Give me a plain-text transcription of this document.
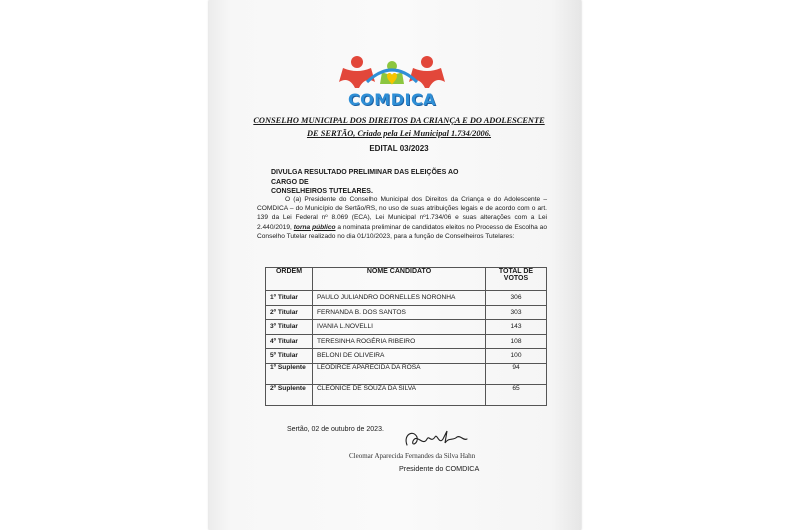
COMDICA
CONSELHO MUNICIPAL DOS DIREITOS DA CRIANÇA E DO ADOLESCENTE
DE SERTÃO, Criado pela Lei Municipal 1.734/2006.
EDITAL 03/2023
DIVULGA RESULTADO PRELIMINAR DAS ELEIÇÕES AO CARGO DE
CONSELHEIROS TUTELARES.

O (a) Presidente do Conselho Municipal dos Direitos da Criança e do Adolescente – COMDICA – do Município de Sertão/RS, no uso de suas atribuições legais e de acordo com o art. 139 da Lei Federal nº 8.069 (ECA), Lei Municipal nº1.734/06 e suas alterações com a Lei 2.440/2019, torna público a nominata preliminar de candidatos eleitos no Processo de Escolha ao Conselho Tutelar realizado no dia 01/10/2023, para a função de Conselheiros Tutelares:

ORDEM	NOME CANDIDATO	TOTAL DE VOTOS
1º Titular	PAULO JULIANDRO DORNELLES NORONHA	306
2º Titular	FERNANDA B. DOS SANTOS	303
3º Titular	IVANIA L.NOVELLI	143
4º Titular	TERESINHA ROGÉRIA RIBEIRO	108
5º Titular	BELONI DE OLIVEIRA	100
1º Suplente	LEODIRCE APARECIDA DA ROSA	94
2º Suplente	CLEONICE DE SOUZA DA SILVA	65
Sertão, 02 de outubro de 2023.
Cleomar Aparecida Fernandes da Silva Hahn
Presidente do COMDICA
